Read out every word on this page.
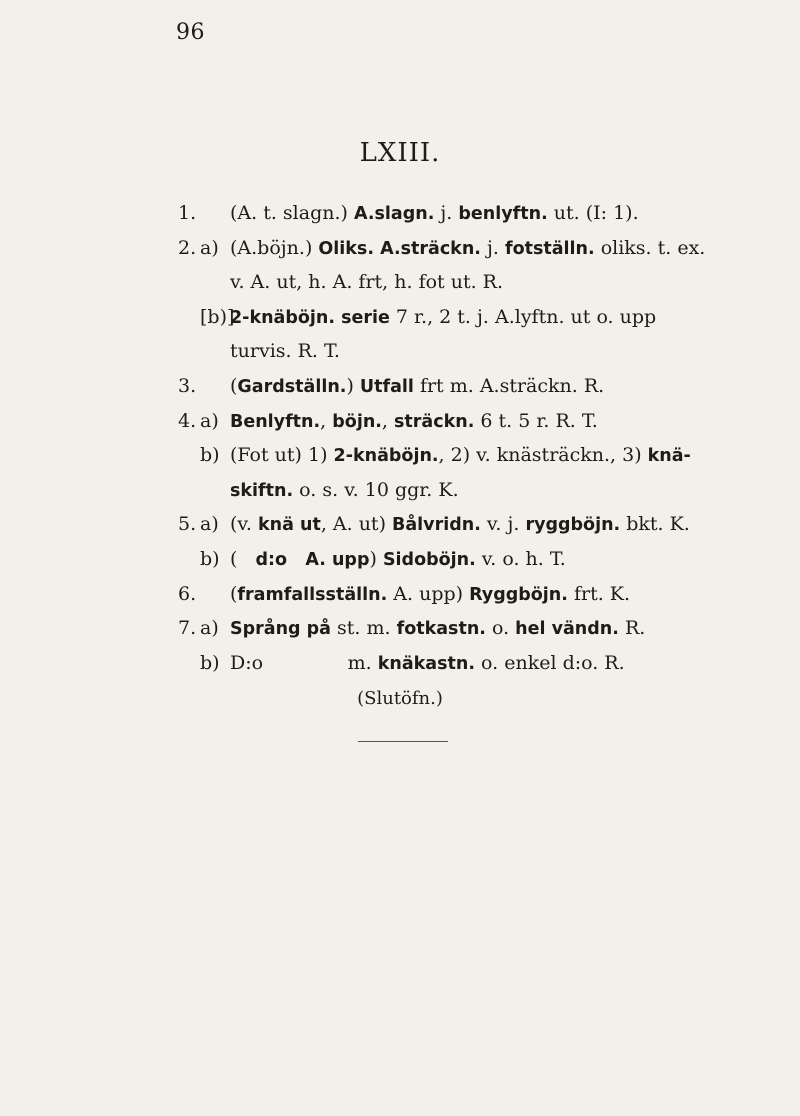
96
LXIII.
1.	(A. t. slagn.) A.slagn. j. benlyftn. ut. (I: 1).
2. a) (A.böjn.) Oliks. A.sträckn. j. fotställn. oliks. t. ex.
v. A. ut, h. A. frt, h. fot ut. R.
[b)]
2-knäböjn. serie 7 r., 2 t. j. A.lyftn. ut o. upp
turvis. R. T.
3.	(Gardställn.) Utfall frt m. A.sträckn. R.
4. a) Benlyftn., böjn., sträckn. 6 t. 5 r. R. T.
b) (Fot ut) 1) 2-knäböjn., 2) v. knästräckn., 3) knä-
skiftn. o. s. v. 10 ggr. K.
5. a) (v. knä ut, A. ut) Bålvridn. v. j. ryggböjn. bkt. K.
b) (   d:o   A. upp) Sidoböjn. v. o. h. T.
6.	(framfallsställn. A. upp) Ryggböjn. frt. K.
7. a) Språng på st. m. fotkastn. o. hel vändn. R.
b) D:o              m. knäkastn. o. enkel d:o. R.
(Slutöfn.)
